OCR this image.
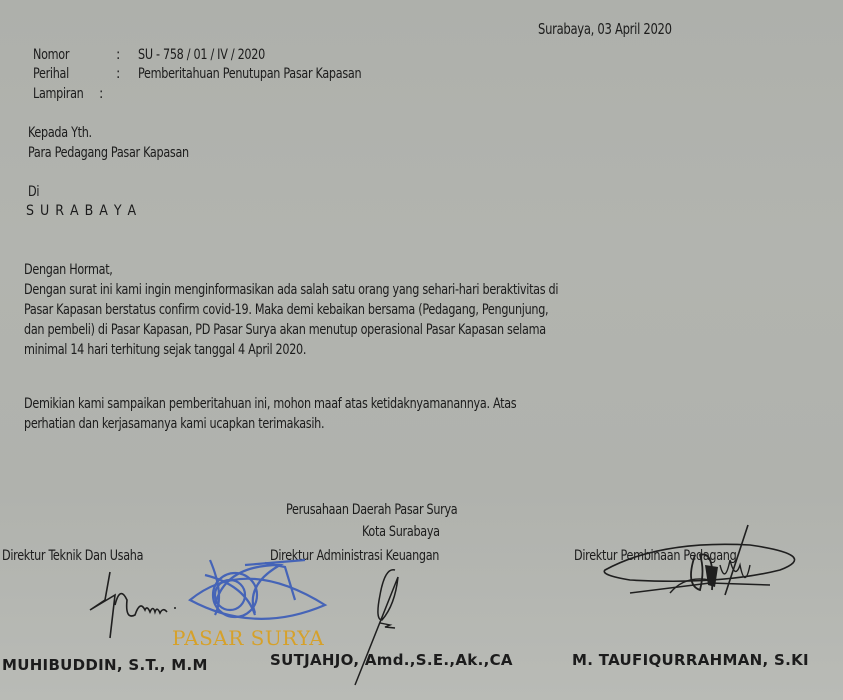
Surabaya, 03 April 2020
Nomor	: SU - 758 / 01 / IV / 2020
Perihal	: Pemberitahuan Penutupan Pasar Kapasan
Lampiran :
Kepada Yth.
Para Pedagang Pasar Kapasan
Di
S U R A B A Y A
Dengan Hormat,
Dengan surat ini kami ingin menginformasikan ada salah satu orang yang sehari-hari beraktivitas di
Pasar Kapasan berstatus confirm covid-19. Maka demi kebaikan bersama (Pedagang, Pengunjung,
dan pembeli) di Pasar Kapasan, PD Pasar Surya akan menutup operasional Pasar Kapasan selama
minimal 14 hari terhitung sejak tanggal 4 April 2020.
Demikian kami sampaikan pemberitahuan ini, mohon maaf atas ketidaknyamanannya. Atas
perhatian dan kerjasamanya kami ucapkan terimakasih.
Perusahaan Daerah Pasar Surya
Kota Surabaya
Direktur Teknik Dan Usaha	Direktur Administrasi Keuangan	Direktur Pembinaan Pedagang
PASAR SURYA
MUHIBUDDIN, S.T., M.M	SUTJAHJO, Amd.,S.E.,Ak.,CA	M. TAUFIQURRAHMAN, S.KI
